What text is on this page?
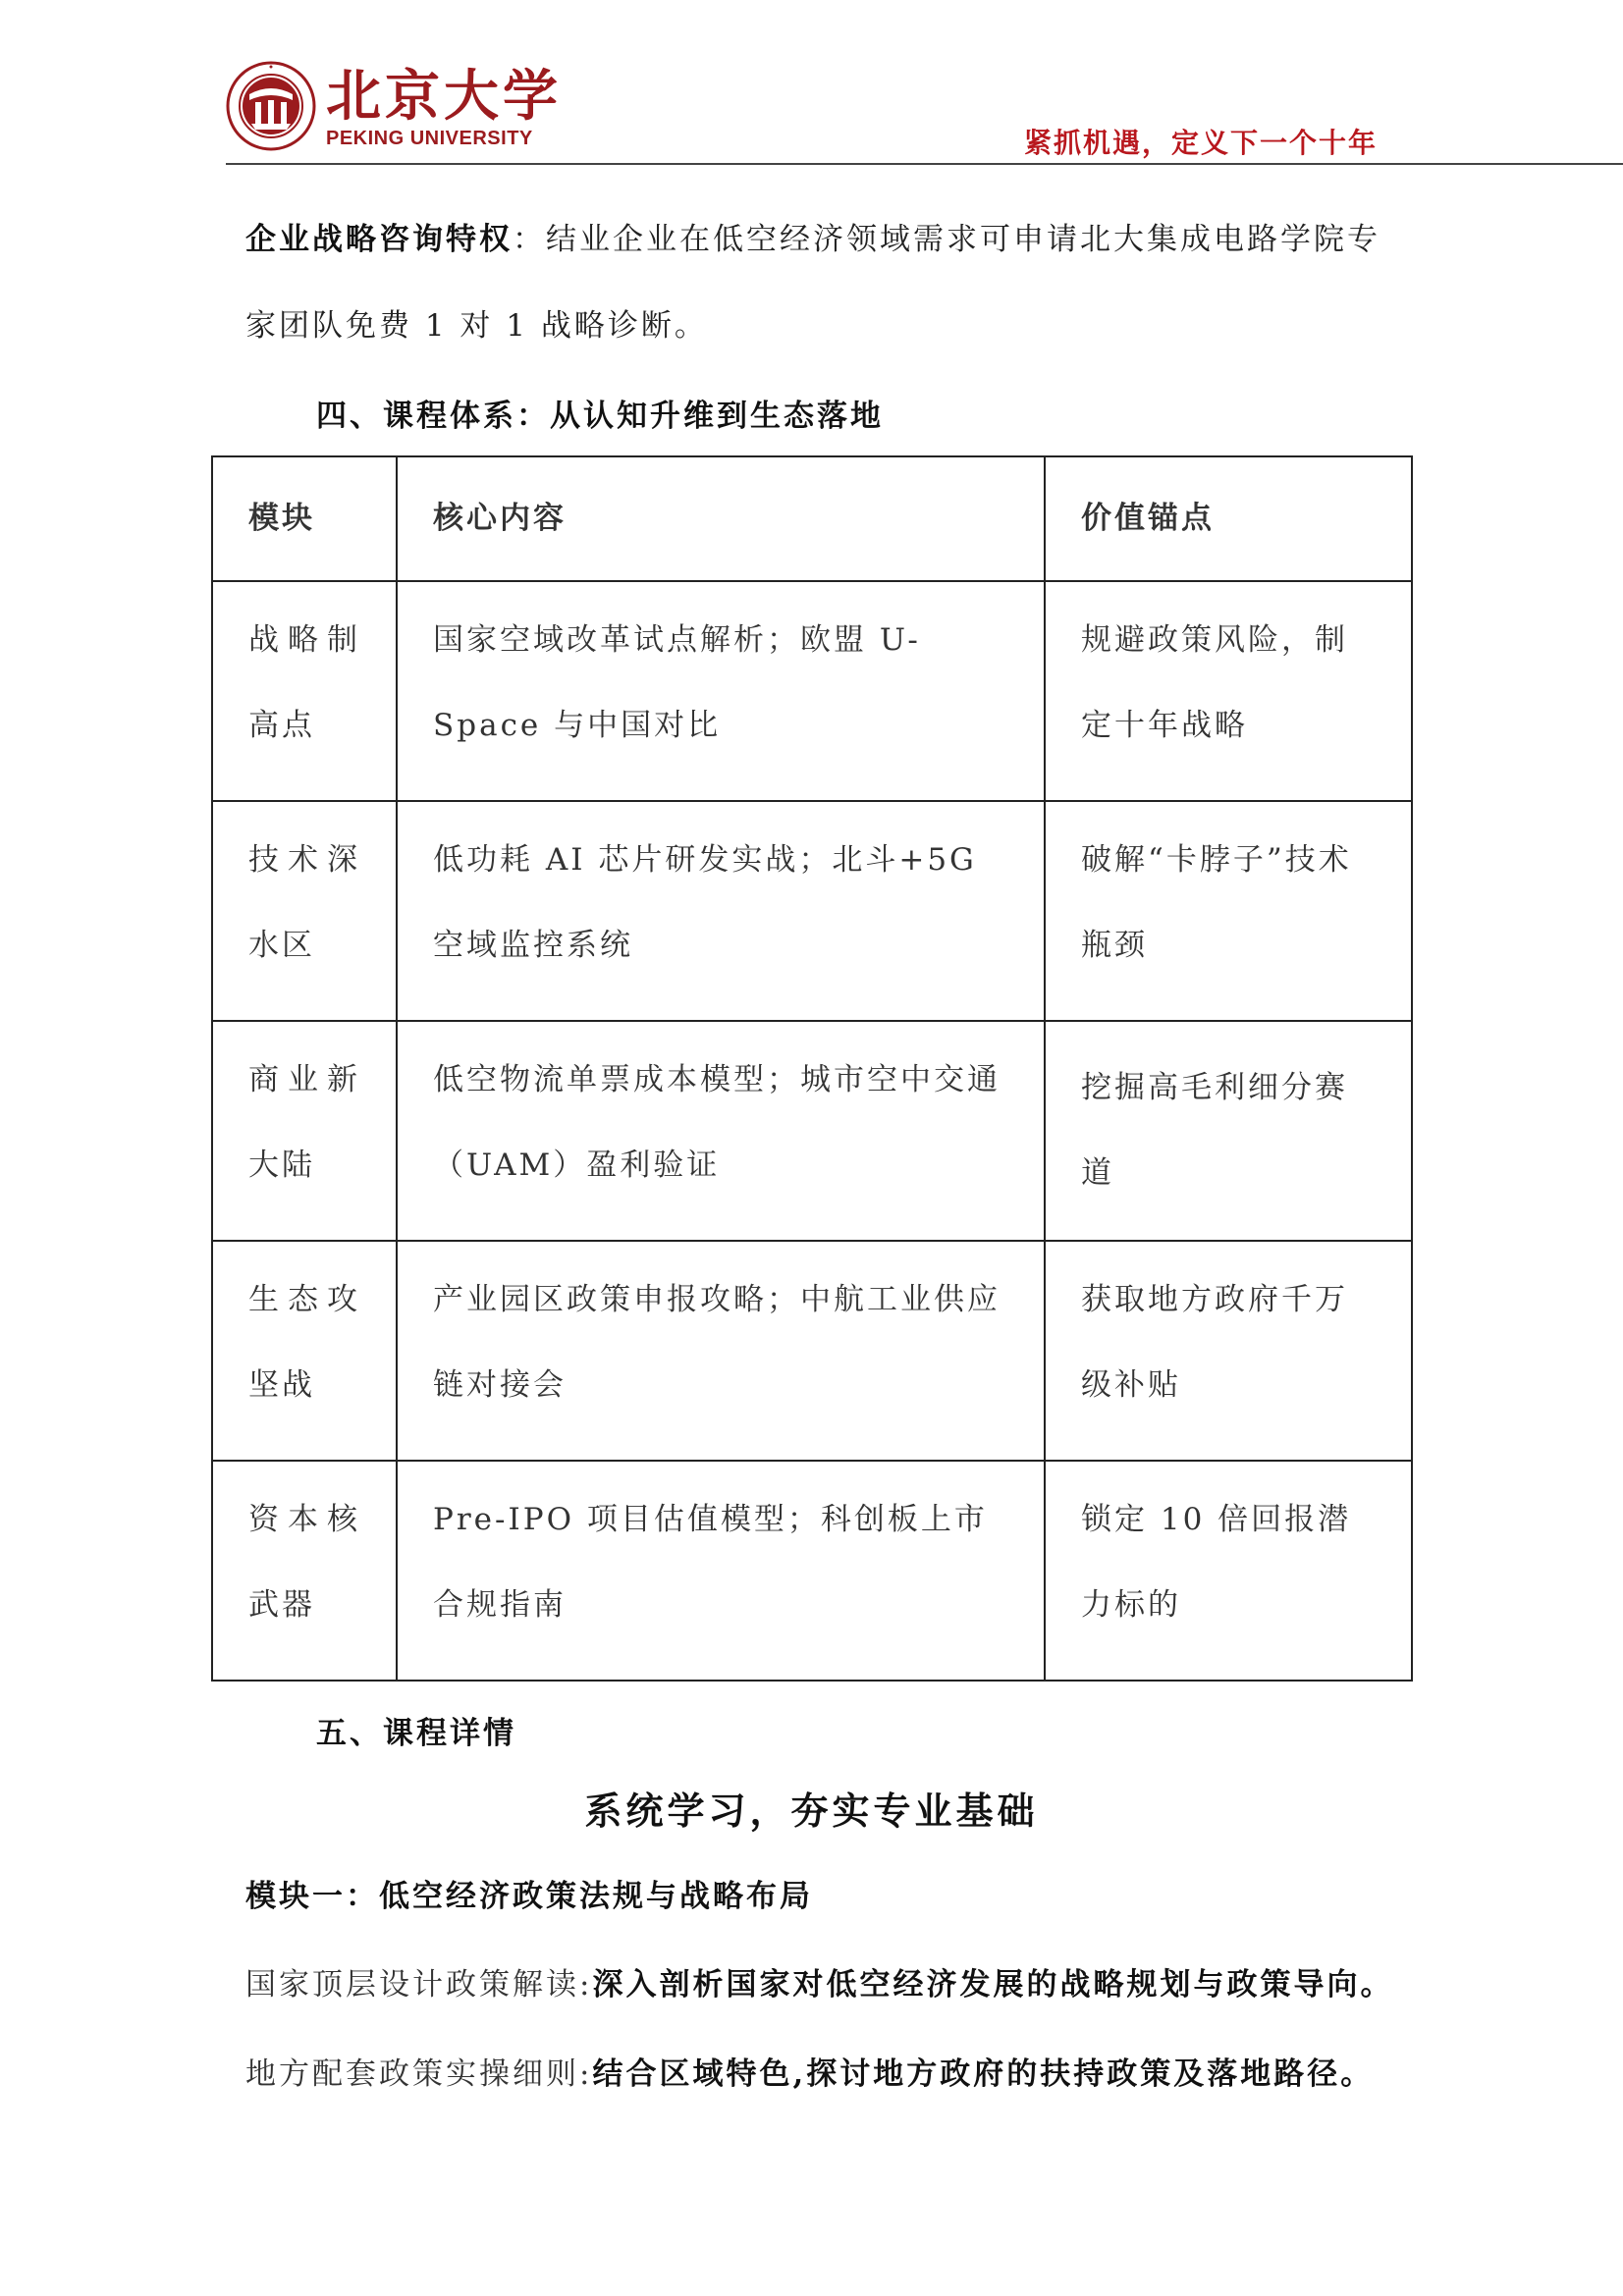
北京大学
PEKING UNIVERSITY	紧抓机遇，定义下一个十年
企业战略咨询特权：结业企业在低空经济领域需求可申请北大集成电路学院专家团队免费 1 对 1 战略诊断。
四、课程体系：从认知升维到生态落地
模块	核心内容	价值锚点

战略制高点	国家空域改革试点解析；欧盟 U-Space 与中国对比	规避政策风险，制定十年战略

技术深水区	低功耗 AI 芯片研发实战；北斗+5G 空域监控系统	破解“卡脖子”技术瓶颈

商业新大陆	低空物流单票成本模型；城市空中交通（UAM）盈利验证	挖掘高毛利细分赛道

生态攻坚战	产业园区政策申报攻略；中航工业供应链对接会	获取地方政府千万级补贴

资本核武器	Pre-IPO 项目估值模型；科创板上市合规指南	锁定 10 倍回报潜力标的
五、课程详情
系统学习，夯实专业基础
模块一：低空经济政策法规与战略布局
国家顶层设计政策解读:深入剖析国家对低空经济发展的战略规划与政策导向。
地方配套政策实操细则:结合区域特色,探讨地方政府的扶持政策及落地路径。
